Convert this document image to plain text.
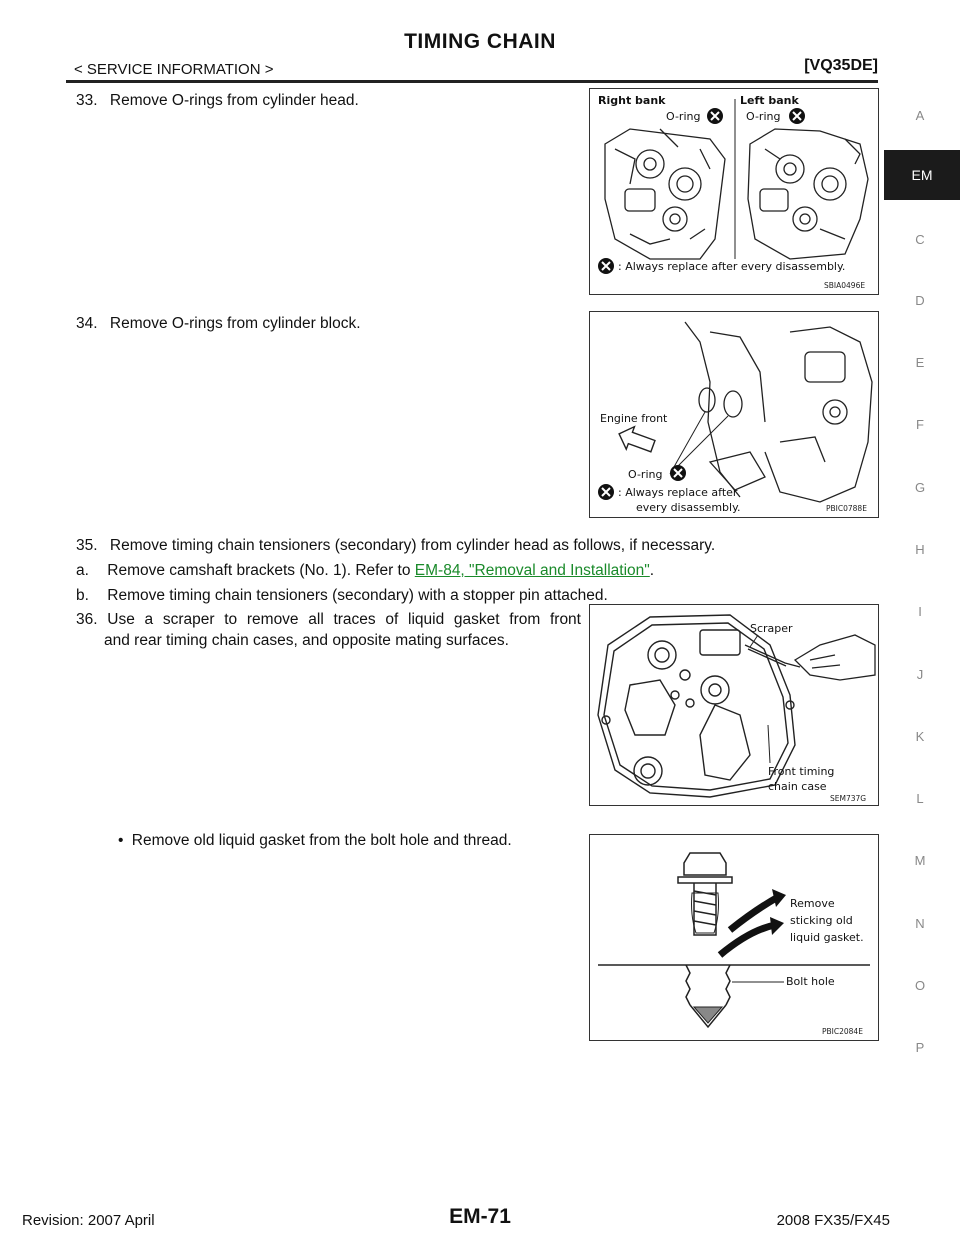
TIMING CHAIN
< SERVICE INFORMATION >	[VQ35DE]
33. Remove O-rings from cylinder head.	Right bank	Left bank
O-ring	O-ring
: Always replace after every disassembly.
SBIA0496E
34. Remove O-rings from cylinder block.
Engine front
O-ring
: Always replace after
every disassembly.	PBIC0788E
35. Remove timing chain tensioners (secondary) from cylinder head as follows, if necessary.
a. Remove camshaft brackets (No. 1). Refer to EM-84, "Removal and Installation".
b. Remove timing chain tensioners (secondary) with a stopper pin attached.
36. Use a scraper to remove all traces of liquid gasket from front
and rear timing chain cases, and opposite mating surfaces.
Scraper
Front timing
chain case
SEM737G
• Remove old liquid gasket from the bolt hole and thread.
Remove
sticking old
liquid gasket.
Bolt hole
PBIC2084E
A
EM
C
D
E
F
G
H
I
J
K
L
M
N
O
P
Revision: 2007 April	EM-71	2008 FX35/FX45
